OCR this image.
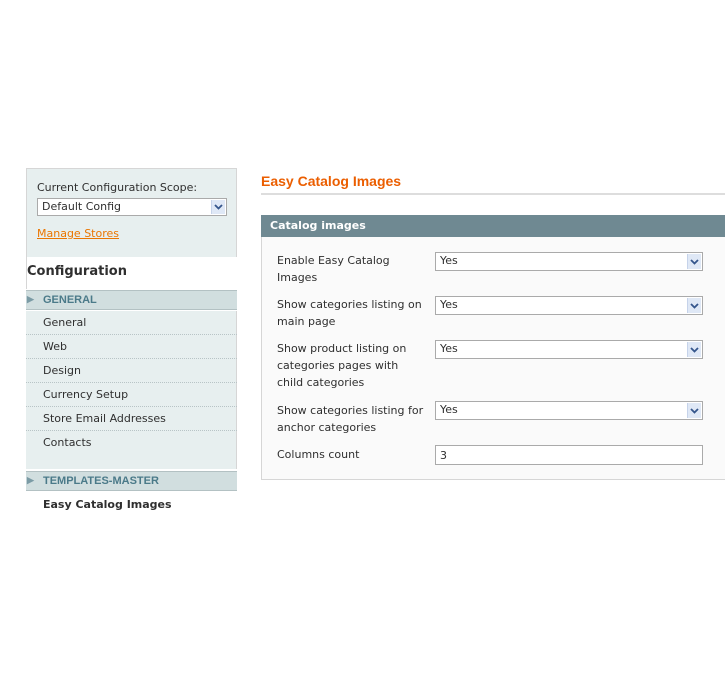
Current Configuration Scope:
Default Config
Manage Stores
Configuration
▶ GENERAL
General
Web
Design
Currency Setup
Store Email Addresses
Contacts
▶ TEMPLATES-MASTER
Easy Catalog Images
Easy Catalog Images
Catalog images
Enable Easy Catalog Images
Yes
Show categories listing on main page
Yes
Show product listing on categories pages with child categories
Yes
Show categories listing for anchor categories
Yes
Columns count	3
